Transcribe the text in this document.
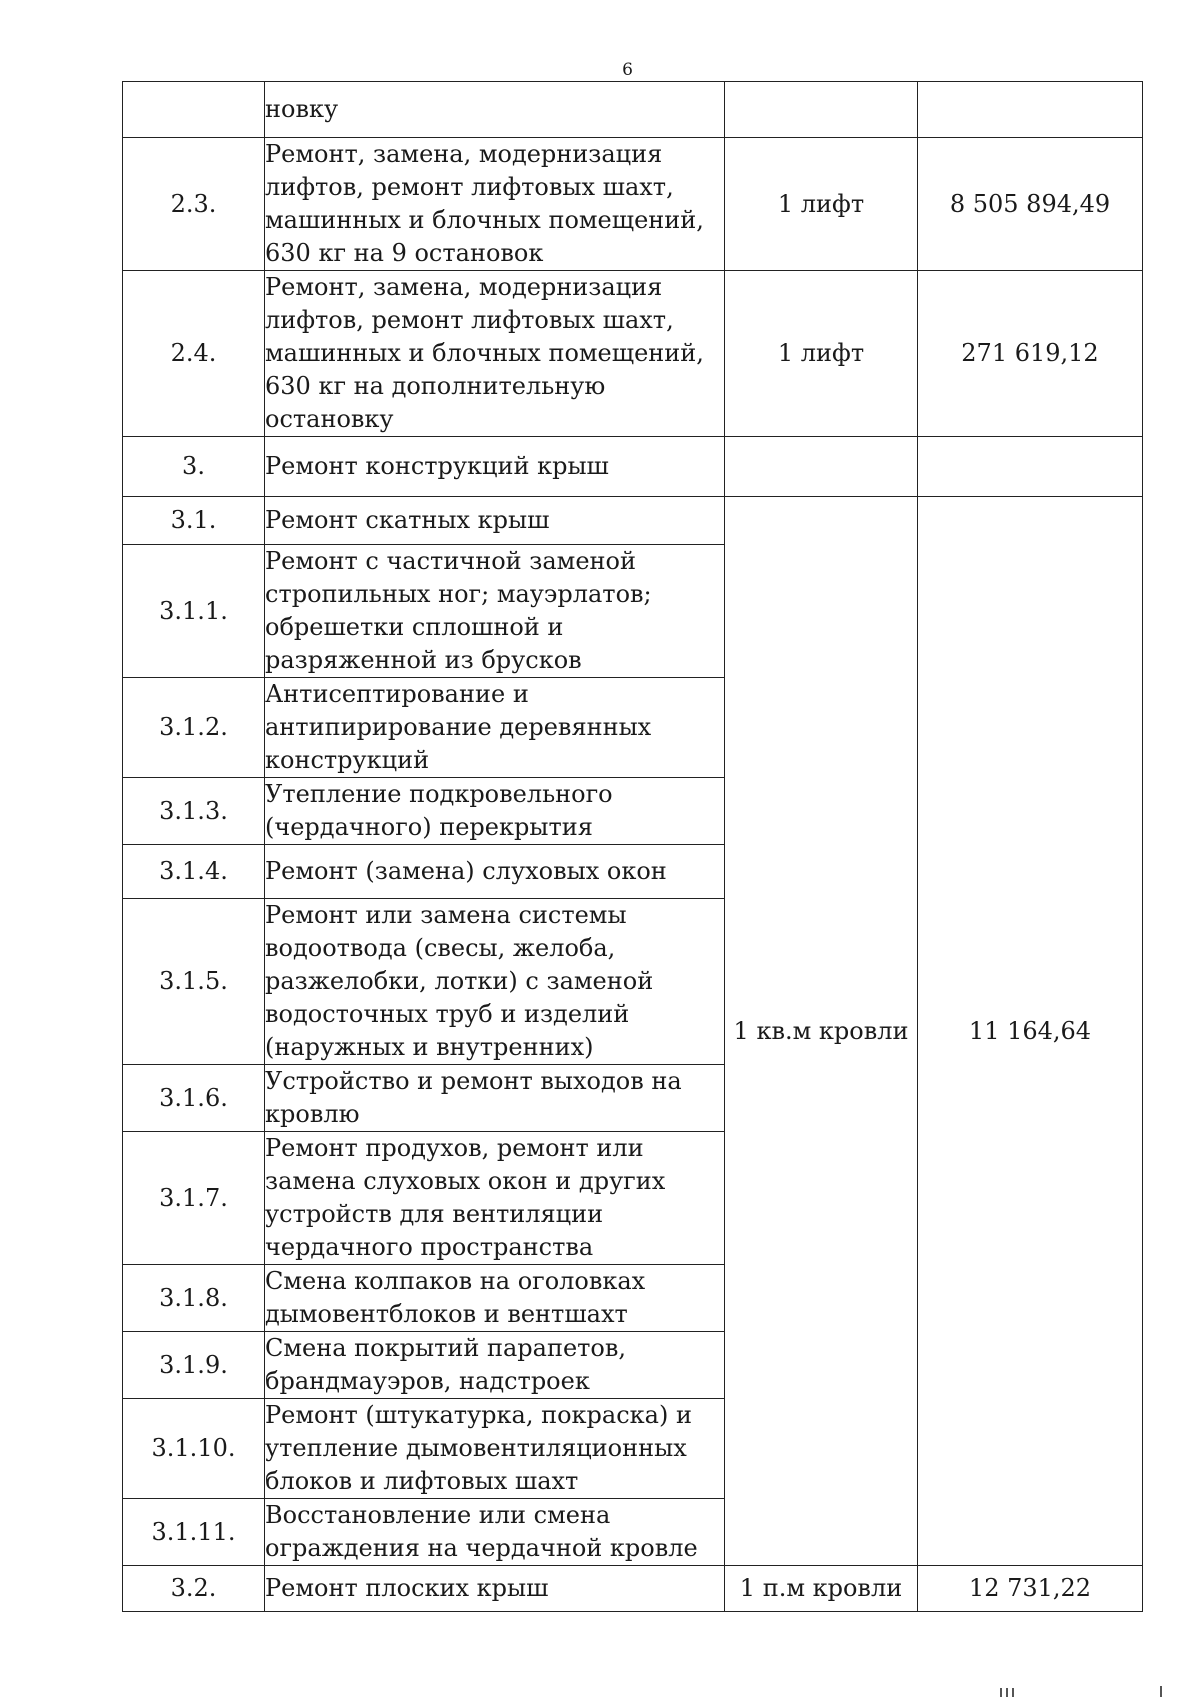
6
	новку		
2.3.	Ремонт, замена, модернизация лифтов, ремонт лифтовых шахт, машинных и блочных помещений, 630 кг на 9 остановок	1 лифт	8 505 894,49
2.4.	Ремонт, замена, модернизация лифтов, ремонт лифтовых шахт, машинных и блочных помещений, 630 кг на дополнительную остановку	1 лифт	271 619,12
3.	Ремонт конструкций крыш		
3.1.	Ремонт скатных крыш	1 кв.м кровли	11 164,64
3.1.1.	Ремонт с частичной заменой стропильных ног; мауэрлатов; обрешетки сплошной и разряженной из брусков		
3.1.2.	Антисептирование и антипирирование деревянных конструкций		
3.1.3.	Утепление подкровельного (чердачного) перекрытия		
3.1.4.	Ремонт (замена) слуховых окон		
3.1.5.	Ремонт или замена системы водоотвода (свесы, желоба, разжелобки, лотки) с заменой водосточных труб и изделий (наружных и внутренних)		
3.1.6.	Устройство и ремонт выходов на кровлю		
3.1.7.	Ремонт продухов, ремонт или замена слуховых окон и других устройств для вентиляции чердачного пространства		
3.1.8.	Смена колпаков на оголовках дымовентблоков и вентшахт		
3.1.9.	Смена покрытий парапетов, брандмауэров, надстроек		
3.1.10.	Ремонт (штукатурка, покраска) и утепление дымовентиляционных блоков и лифтовых шахт		
3.1.11.	Восстановление или смена ограждения на чердачной кровле		
3.2.	Ремонт плоских крыш	1 п.м кровли	12 731,22
